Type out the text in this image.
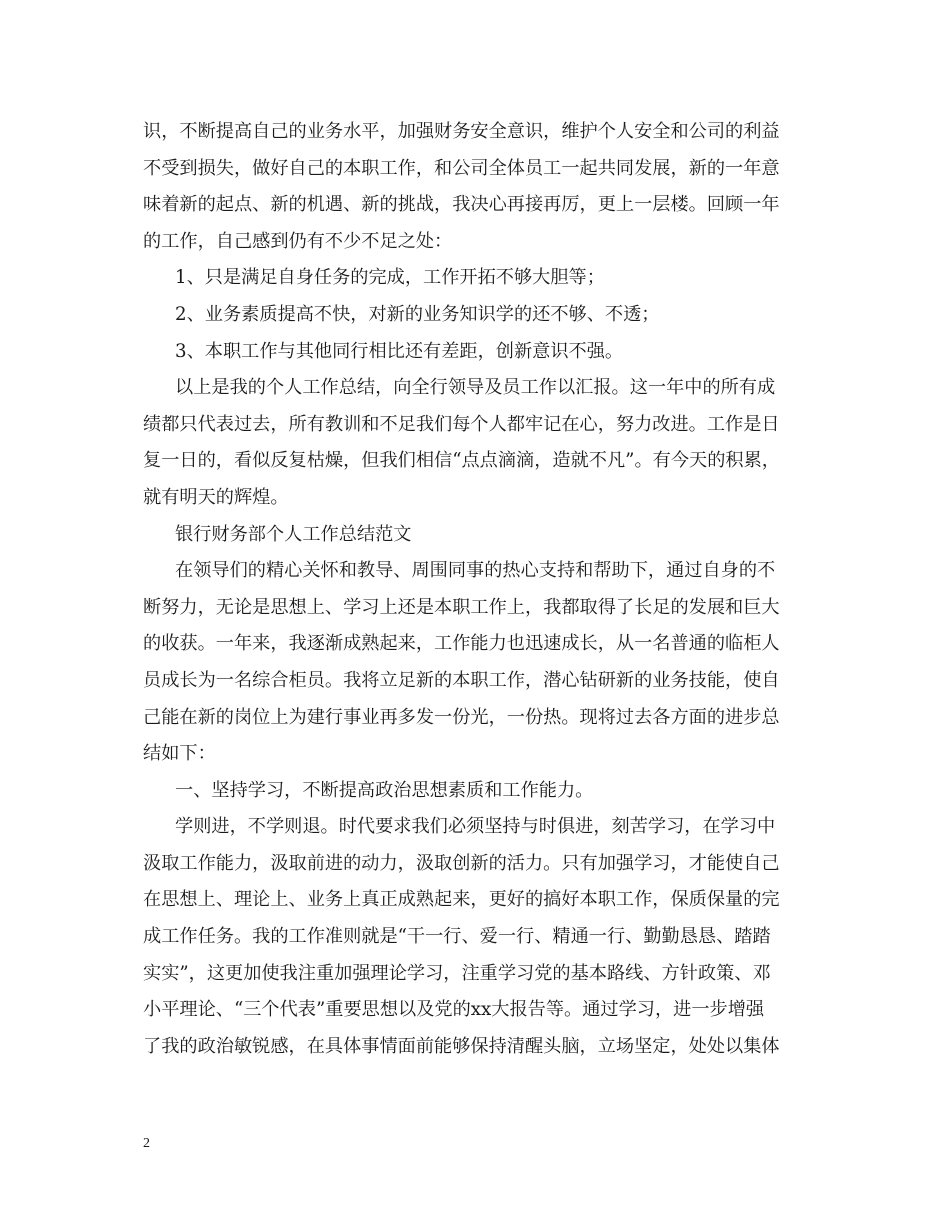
识，不断提高自己的业务水平，加强财务安全意识，维护个人安全和公司的利益
不受到损失，做好自己的本职工作，和公司全体员工一起共同发展，新的一年意
味着新的起点、新的机遇、新的挑战，我决心再接再厉，更上一层楼。回顾一年
的工作，自己感到仍有不少不足之处：
1、只是满足自身任务的完成，工作开拓不够大胆等；
2、业务素质提高不快，对新的业务知识学的还不够、不透；
3、本职工作与其他同行相比还有差距，创新意识不强。
以上是我的个人工作总结，向全行领导及员工作以汇报。这一年中的所有成
绩都只代表过去，所有教训和不足我们每个人都牢记在心，努力改进。工作是日
复一日的，看似反复枯燥，但我们相信“点点滴滴，造就不凡”。有今天的积累，
就有明天的辉煌。
银行财务部个人工作总结范文
在领导们的精心关怀和教导、周围同事的热心支持和帮助下，通过自身的不
断努力，无论是思想上、学习上还是本职工作上，我都取得了长足的发展和巨大
的收获。一年来，我逐渐成熟起来，工作能力也迅速成长，从一名普通的临柜人
员成长为一名综合柜员。我将立足新的本职工作，潜心钻研新的业务技能，使自
己能在新的岗位上为建行事业再多发一份光，一份热。现将过去各方面的进步总
结如下：
一、坚持学习，不断提高政治思想素质和工作能力。
学则进，不学则退。时代要求我们必须坚持与时俱进，刻苦学习，在学习中
汲取工作能力，汲取前进的动力，汲取创新的活力。只有加强学习，才能使自己
在思想上、理论上、业务上真正成熟起来，更好的搞好本职工作，保质保量的完
成工作任务。我的工作准则就是“干一行、爱一行、精通一行、勤勤恳恳、踏踏
实实”，这更加使我注重加强理论学习，注重学习党的基本路线、方针政策、邓
小平理论、“三个代表”重要思想以及党的xx大报告等。通过学习，进一步增强
了我的政治敏锐感，在具体事情面前能够保持清醒头脑，立场坚定，处处以集体
2
